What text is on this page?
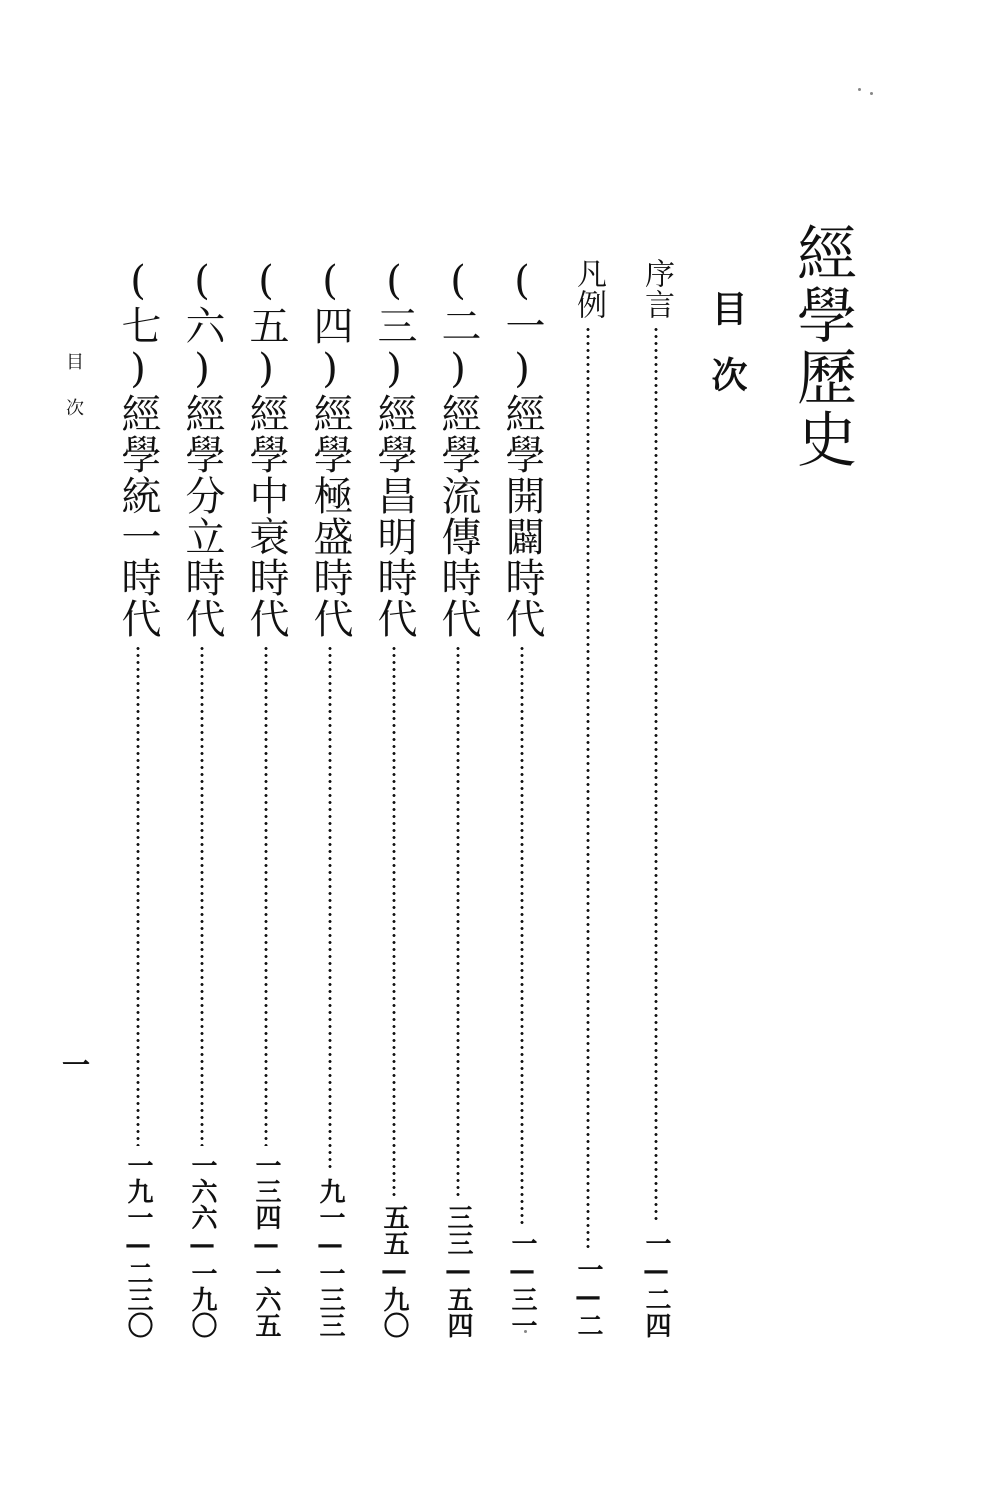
經學歷史
目次
序言
一—二四
凡例
一—二
(一)經學開闢時代
一—三一
(二)經學流傳時代
三三—五四
(三)經學昌明時代
五五—九〇
(四)經學極盛時代
九一—一三三
(五)經學中衰時代
一三四—一六五
(六)經學分立時代
一六六—一九〇
(七)經學統一時代
一九一—二三〇
目次
一
